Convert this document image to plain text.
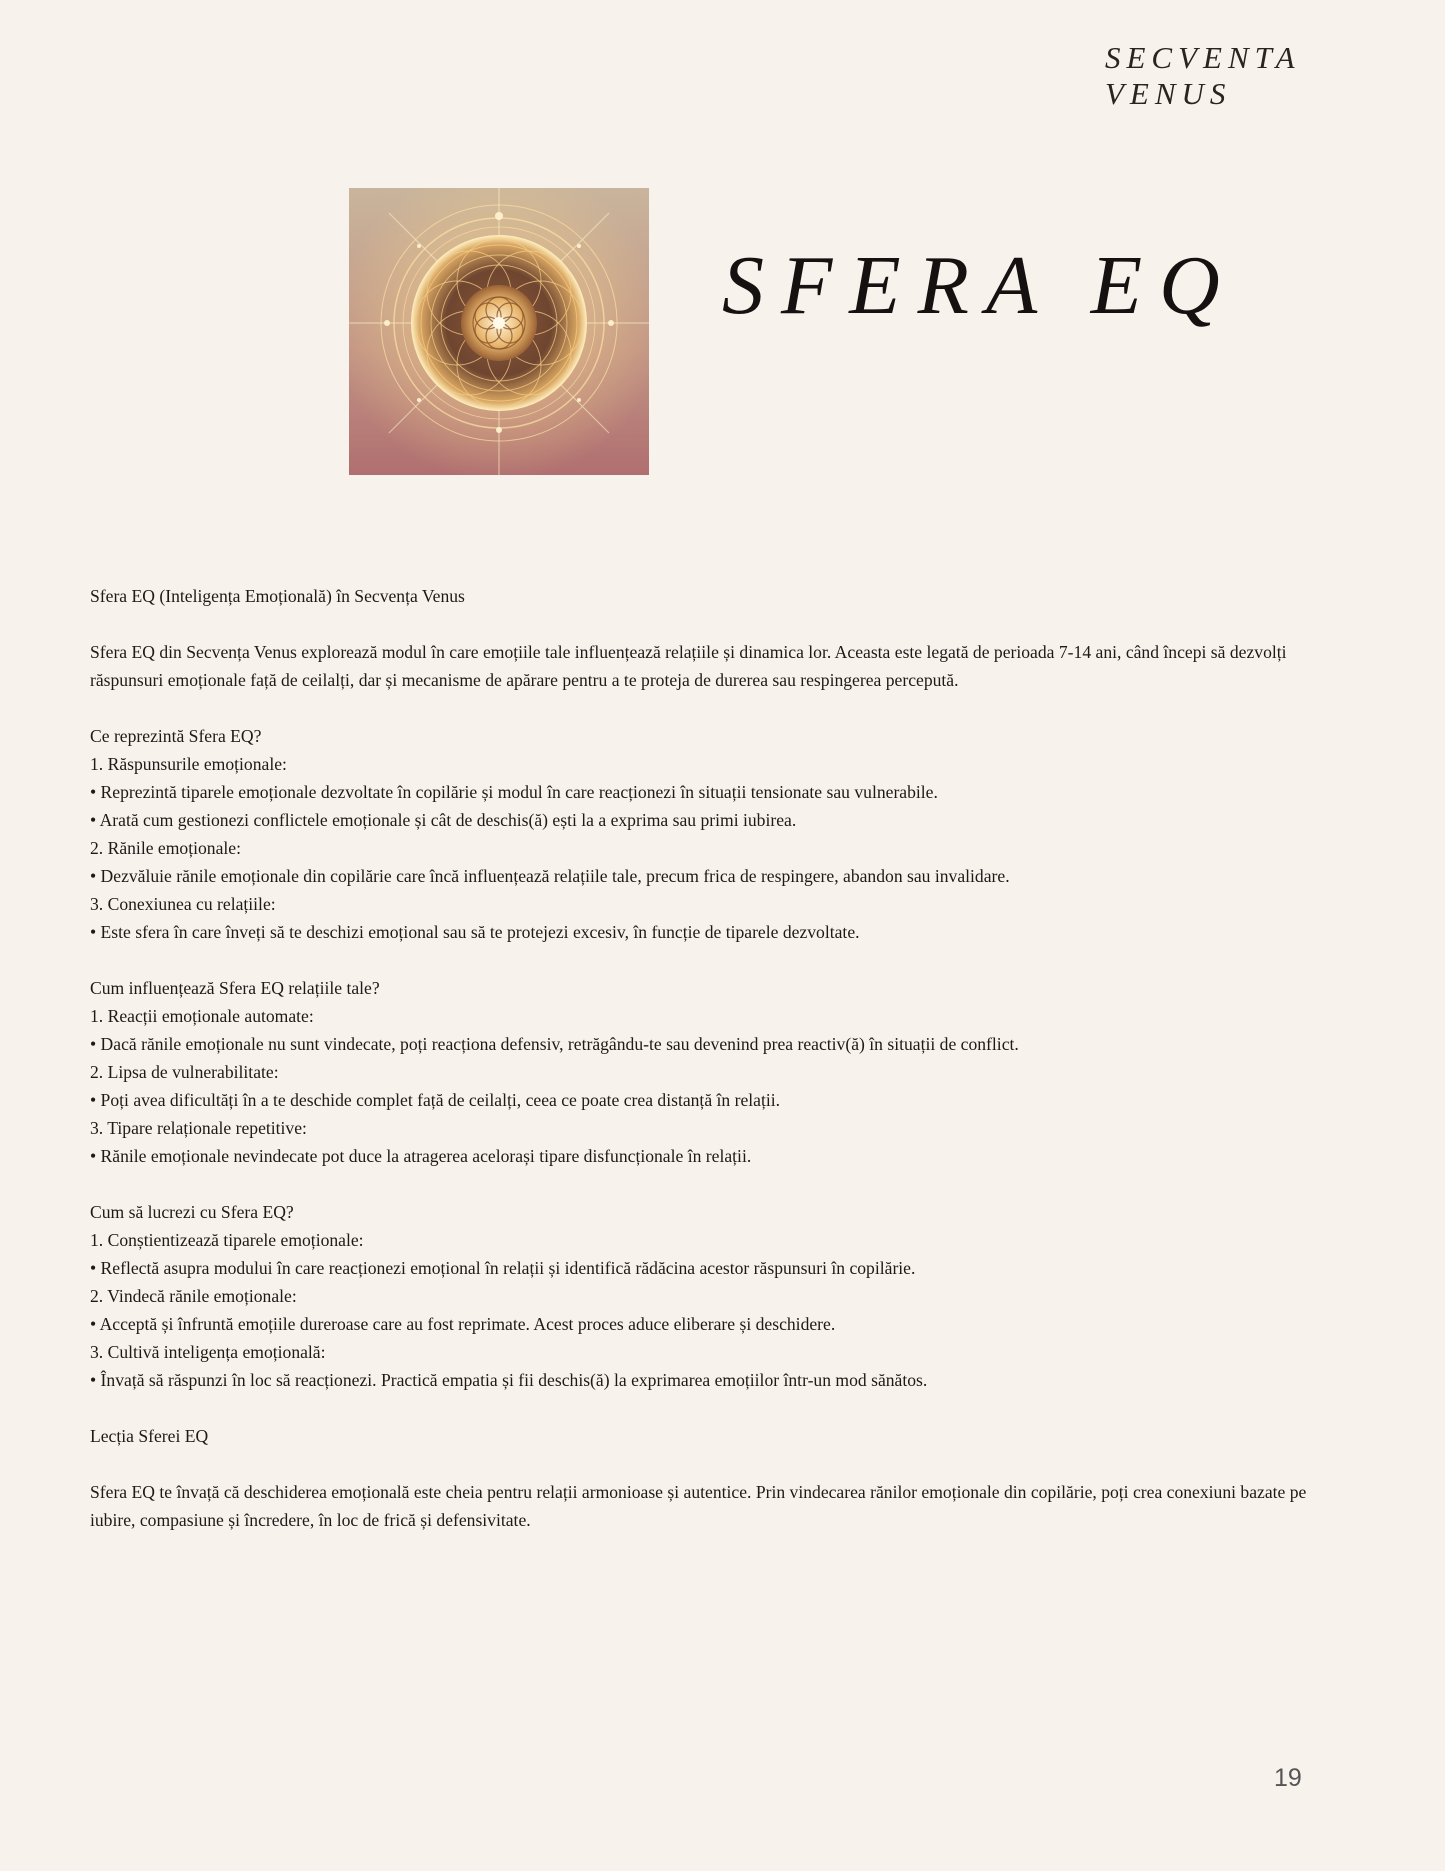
SECVENTA
VENUS
SFERA EQ

Sfera EQ (Inteligența Emoțională) în Secvența Venus

Sfera EQ din Secvența Venus explorează modul în care emoțiile tale influențează relațiile și dinamica lor. Aceasta este legată de perioada 7-14 ani, când începi să dezvolți răspunsuri emoționale față de ceilalți, dar și mecanisme de apărare pentru a te proteja de durerea sau respingerea percepută.

Ce reprezintă Sfera EQ?

1. Răspunsurile emoționale:

• Reprezintă tiparele emoționale dezvoltate în copilărie și modul în care reacționezi în situații tensionate sau vulnerabile.

• Arată cum gestionezi conflictele emoționale și cât de deschis(ă) ești la a exprima sau primi iubirea.

2. Rănile emoționale:

• Dezvăluie rănile emoționale din copilărie care încă influențează relațiile tale, precum frica de respingere, abandon sau invalidare.

3. Conexiunea cu relațiile:

• Este sfera în care înveți să te deschizi emoțional sau să te protejezi excesiv, în funcție de tiparele dezvoltate.

Cum influențează Sfera EQ relațiile tale?

1. Reacții emoționale automate:

• Dacă rănile emoționale nu sunt vindecate, poți reacționa defensiv, retrăgându-te sau devenind prea reactiv(ă) în situații de conflict.

2. Lipsa de vulnerabilitate:

• Poți avea dificultăți în a te deschide complet față de ceilalți, ceea ce poate crea distanță în relații.

3. Tipare relaționale repetitive:

• Rănile emoționale nevindecate pot duce la atragerea acelorași tipare disfuncționale în relații.

Cum să lucrezi cu Sfera EQ?

1. Conștientizează tiparele emoționale:

• Reflectă asupra modului în care reacționezi emoțional în relații și identifică rădăcina acestor răspunsuri în copilărie.

2. Vindecă rănile emoționale:

• Acceptă și înfruntă emoțiile dureroase care au fost reprimate. Acest proces aduce eliberare și deschidere.

3. Cultivă inteligența emoțională:

• Învață să răspunzi în loc să reacționezi. Practică empatia și fii deschis(ă) la exprimarea emoțiilor într-un mod sănătos.

Lecția Sferei EQ

Sfera EQ te învață că deschiderea emoțională este cheia pentru relații armonioase și autentice. Prin vindecarea rănilor emoționale din copilărie, poți crea conexiuni bazate pe iubire, compasiune și încredere, în loc de frică și defensivitate.

19
